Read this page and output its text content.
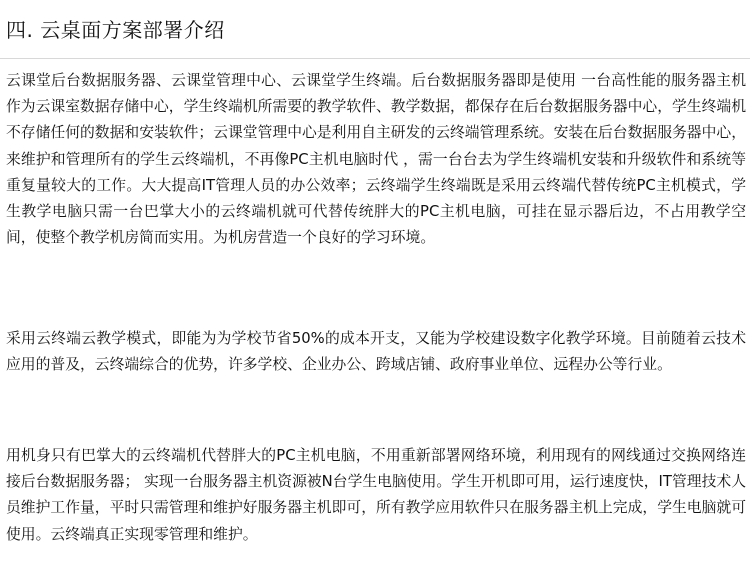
四. 云桌面方案部署介绍

云课堂后台数据服务器、云课堂管理中心、云课堂学生终端。后台数据服务器即是使用 一台高性能的服务器主机作为云课室数据存储中心，学生终端机所需要的教学软件、教学数据，都保存在后台数据服务器中心，学生终端机不存储任何的数据和安装软件；云课堂管理中心是利用自主研发的云终端管理系统。安装在后台数据服务器中心，来维护和管理所有的学生云终端机，不再像PC主机电脑时代 ，需一台台去为学生终端机安装和升级软件和系统等重复量较大的工作。大大提高IT管理人员的办公效率；云终端学生终端既是采用云终端代替传统PC主机模式，学生教学电脑只需一台巴掌大小的云终端机就可代替传统胖大的PC主机电脑，可挂在显示器后边，不占用教学空间，使整个教学机房简而实用。为机房营造一个良好的学习环境。

采用云终端云教学模式，即能为为学校节省50%的成本开支，又能为学校建设数字化教学环境。目前随着云技术应用的普及，云终端综合的优势，许多学校、企业办公、跨域店铺、政府事业单位、远程办公等行业。

用机身只有巴掌大的云终端机代替胖大的PC主机电脑，不用重新部署网络环境，利用现有的网线通过交换网络连接后台数据服务器； 实现一台服务器主机资源被N台学生电脑使用。学生开机即可用，运行速度快，IT管理技术人员维护工作量，平时只需管理和维护好服务器主机即可，所有教学应用软件只在服务器主机上完成，学生电脑就可使用。云终端真正实现零管理和维护。
